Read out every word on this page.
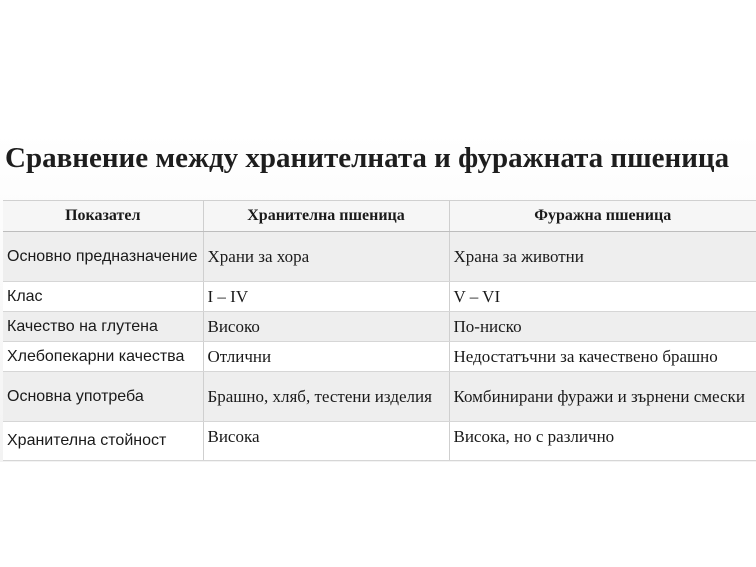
Сравнение между хранителната и фуражната пшеница
Показател	Хранителна пшеница	Фуражна пшеница
Основно предназначение	Храни за хора	Храна за животни
Клас	I – IV	V – VI
Качество на глутена	Високо	По-ниско
Хлебопекарни качества	Отлични	Недостатъчни за качествено брашно
Основна употреба	Брашно, хляб, тестени изделия	Комбинирани фуражи и зърнени смески
Хранителна стойност	Висока	Висока, но с различно
